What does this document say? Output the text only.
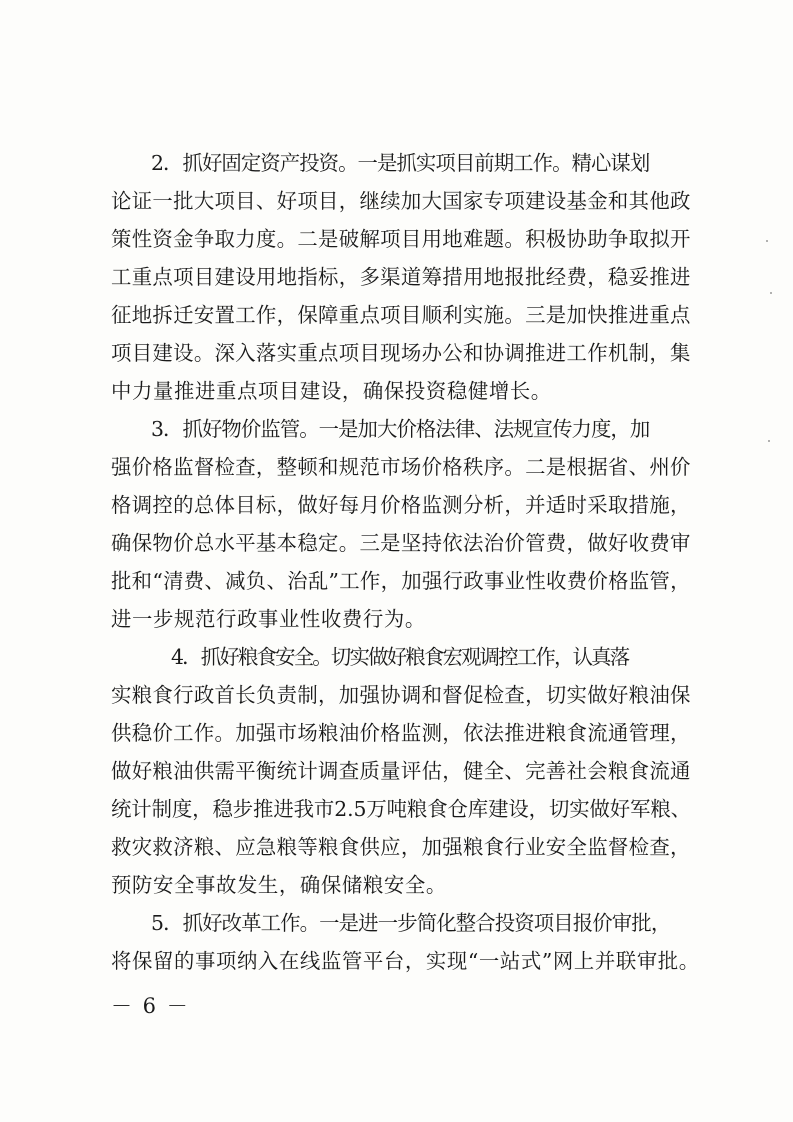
2．抓好固定资产投资。一是抓实项目前期工作。精心谋划
论证一批大项目、好项目，继续加大国家专项建设基金和其他政
策性资金争取力度。二是破解项目用地难题。积极协助争取拟开
工重点项目建设用地指标，多渠道筹措用地报批经费，稳妥推进
征地拆迁安置工作，保障重点项目顺利实施。三是加快推进重点
项目建设。深入落实重点项目现场办公和协调推进工作机制，集
中力量推进重点项目建设，确保投资稳健增长。
3．抓好物价监管。一是加大价格法律、法规宣传力度，加
强价格监督检查，整顿和规范市场价格秩序。二是根据省、州价
格调控的总体目标，做好每月价格监测分析，并适时采取措施，
确保物价总水平基本稳定。三是坚持依法治价管费，做好收费审
批和“清费、减负、治乱”工作，加强行政事业性收费价格监管，
进一步规范行政事业性收费行为。
4．抓好粮食安全。切实做好粮食宏观调控工作，认真落
实粮食行政首长负责制，加强协调和督促检查，切实做好粮油保
供稳价工作。加强市场粮油价格监测，依法推进粮食流通管理，
做好粮油供需平衡统计调查质量评估，健全、完善社会粮食流通
统计制度，稳步推进我市2.5万吨粮食仓库建设，切实做好军粮、
救灾救济粮、应急粮等粮食供应，加强粮食行业安全监督检查，
预防安全事故发生，确保储粮安全。
5．抓好改革工作。一是进一步简化整合投资项目报价审批，
将保留的事项纳入在线监管平台，实现“一站式”网上并联审批。
－ 6 －
